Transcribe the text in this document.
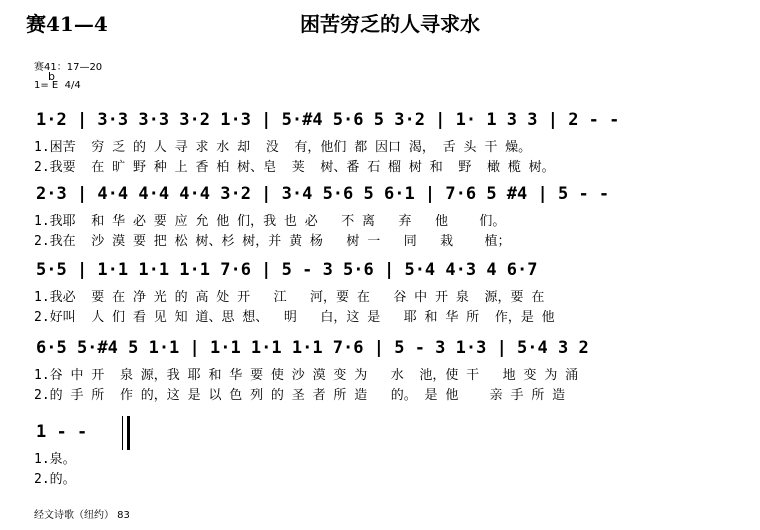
赛41—4	困苦穷乏的人寻求水
赛41：17—20
b
1= E  4/4
1·2 | 3·3 3·3 3·2 1·3 | 5·#4 5·6 5 3·2 | 1· 1 3 3 | 2 - -
1.困苦  穷 乏 的 人 寻 求 水 却  没  有，他们 都 因口 渴， 舌 头 干 燥。
2.我要  在 旷 野 种 上 香 柏 树、皂  荚  树、番 石 榴 树 和  野  橄 榄 树。
2·3 | 4·4 4·4 4·4 3·2 | 3·4 5·6 5 6·1 | 7·6 5 #4 | 5 - -
1.我耶  和 华 必 要 应 允 他 们，我 也 必   不 离   弃   他    们。
2.我在  沙 漠 要 把 松 树、杉 树，并 黄 杨   树 一   同   栽    植；
5·5 | 1·1 1·1 1·1 7·6 | 5 - 3 5·6 | 5·4 4·3 4 6·7
1.我必  要 在 净 光 的 高 处 开   江   河，要 在   谷 中 开 泉  源，要 在
2.好叫  人 们 看 见 知 道、思 想、  明   白，这 是   耶 和 华 所  作，是 他
6·5 5·#4 5 1·1 | 1·1 1·1 1·1 7·6 | 5 - 3 1·3 | 5·4 3 2
1.谷 中 开  泉 源，我 耶 和 华 要 使 沙 漠 变 为   水  池，使 干   地 变 为 涌
2.的 手 所  作 的，这 是 以 色 列 的 圣 者 所 造   的。 是 他    亲 手 所 造
1 - -
1.泉。
2.的。
经文诗歌（纽约） 83
